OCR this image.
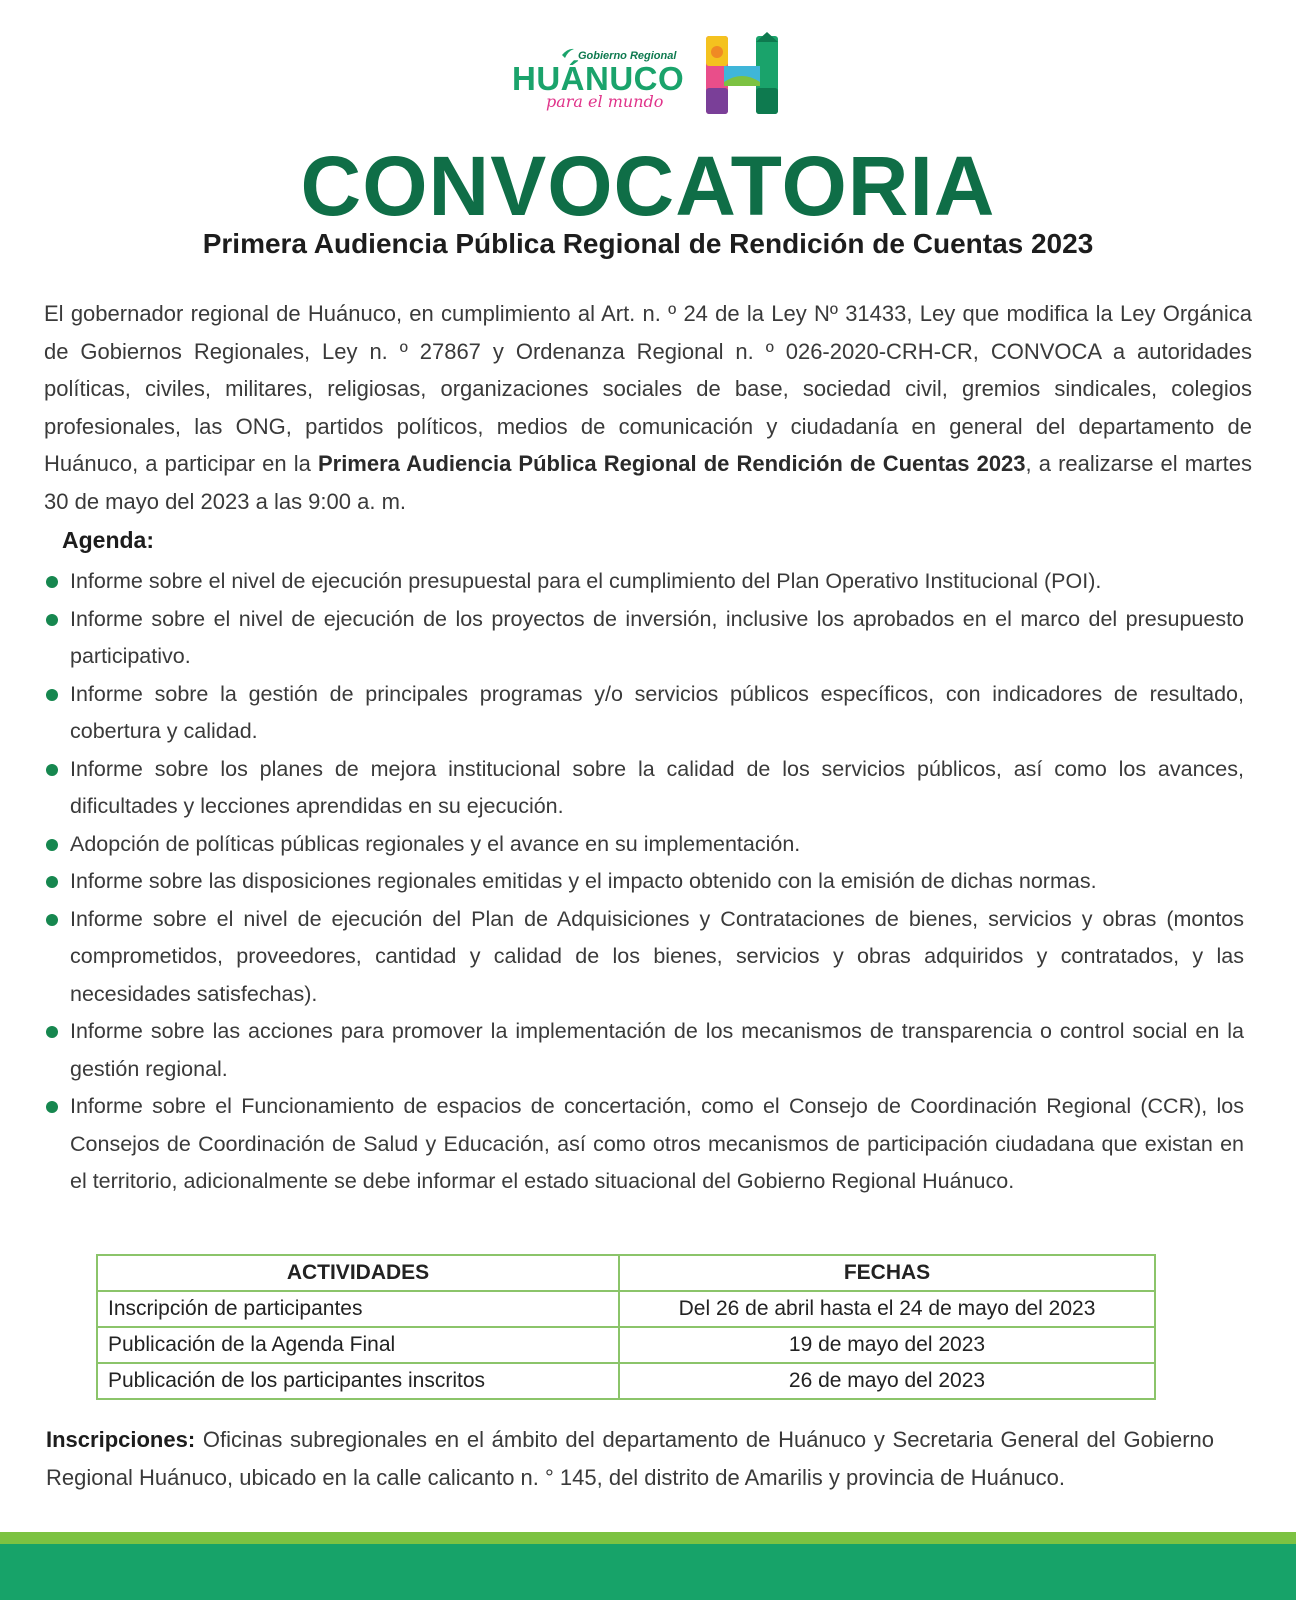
Gobierno Regional
HUÁNUCO
para el mundo
CONVOCATORIA
Primera Audiencia Pública Regional de Rendición de Cuentas 2023

El gobernador regional de Huánuco, en cumplimiento al Art. n. º 24 de la Ley Nº 31433, Ley que modifica la Ley Orgánica de Gobiernos Regionales, Ley n. º 27867 y Ordenanza Regional n. º 026-2020-CRH-CR, CONVOCA a autoridades políticas, civiles, militares, religiosas, organizaciones sociales de base, sociedad civil, gremios sindicales, colegios profesionales, las ONG, partidos políticos, medios de comunicación y ciudadanía en general del departamento de Huánuco, a participar en la Primera Audiencia Pública Regional de Rendición de Cuentas 2023, a realizarse el martes 30 de mayo del 2023 a las 9:00 a. m.

Agenda:
Informe sobre el nivel de ejecución presupuestal para el cumplimiento del Plan Operativo Institucional (POI).
Informe sobre el nivel de ejecución de los proyectos de inversión, inclusive los aprobados en el marco del presupuesto participativo.
Informe sobre la gestión de principales programas y/o servicios públicos específicos, con indicadores de resultado, cobertura y calidad.
Informe sobre los planes de mejora institucional sobre la calidad de los servicios públicos, así como los avances, dificultades y lecciones aprendidas en su ejecución.
Adopción de políticas públicas regionales y el avance en su implementación.
Informe sobre las disposiciones regionales emitidas y el impacto obtenido con la emisión de dichas normas.
Informe sobre el nivel de ejecución del Plan de Adquisiciones y Contrataciones de bienes, servicios y obras (montos comprometidos, proveedores, cantidad y calidad de los bienes, servicios y obras adquiridos y contratados, y las necesidades satisfechas).
Informe sobre las acciones para promover la implementación de los mecanismos de transparencia o control social en la gestión regional.
Informe sobre el Funcionamiento de espacios de concertación, como el Consejo de Coordinación Regional (CCR), los Consejos de Coordinación de Salud y Educación, así como otros mecanismos de participación ciudadana que existan en el territorio, adicionalmente se debe informar el estado situacional del Gobierno Regional Huánuco.
ACTIVIDADES	FECHAS
Inscripción de participantes	Del 26 de abril hasta el 24 de mayo del 2023
Publicación de la Agenda Final	19 de mayo del 2023
Publicación de los participantes inscritos	26 de mayo del 2023

Inscripciones: Oficinas subregionales en el ámbito del departamento de Huánuco y Secretaria General del Gobierno Regional Huánuco, ubicado en la calle calicanto n. ° 145, del distrito de Amarilis y provincia de Huánuco.
